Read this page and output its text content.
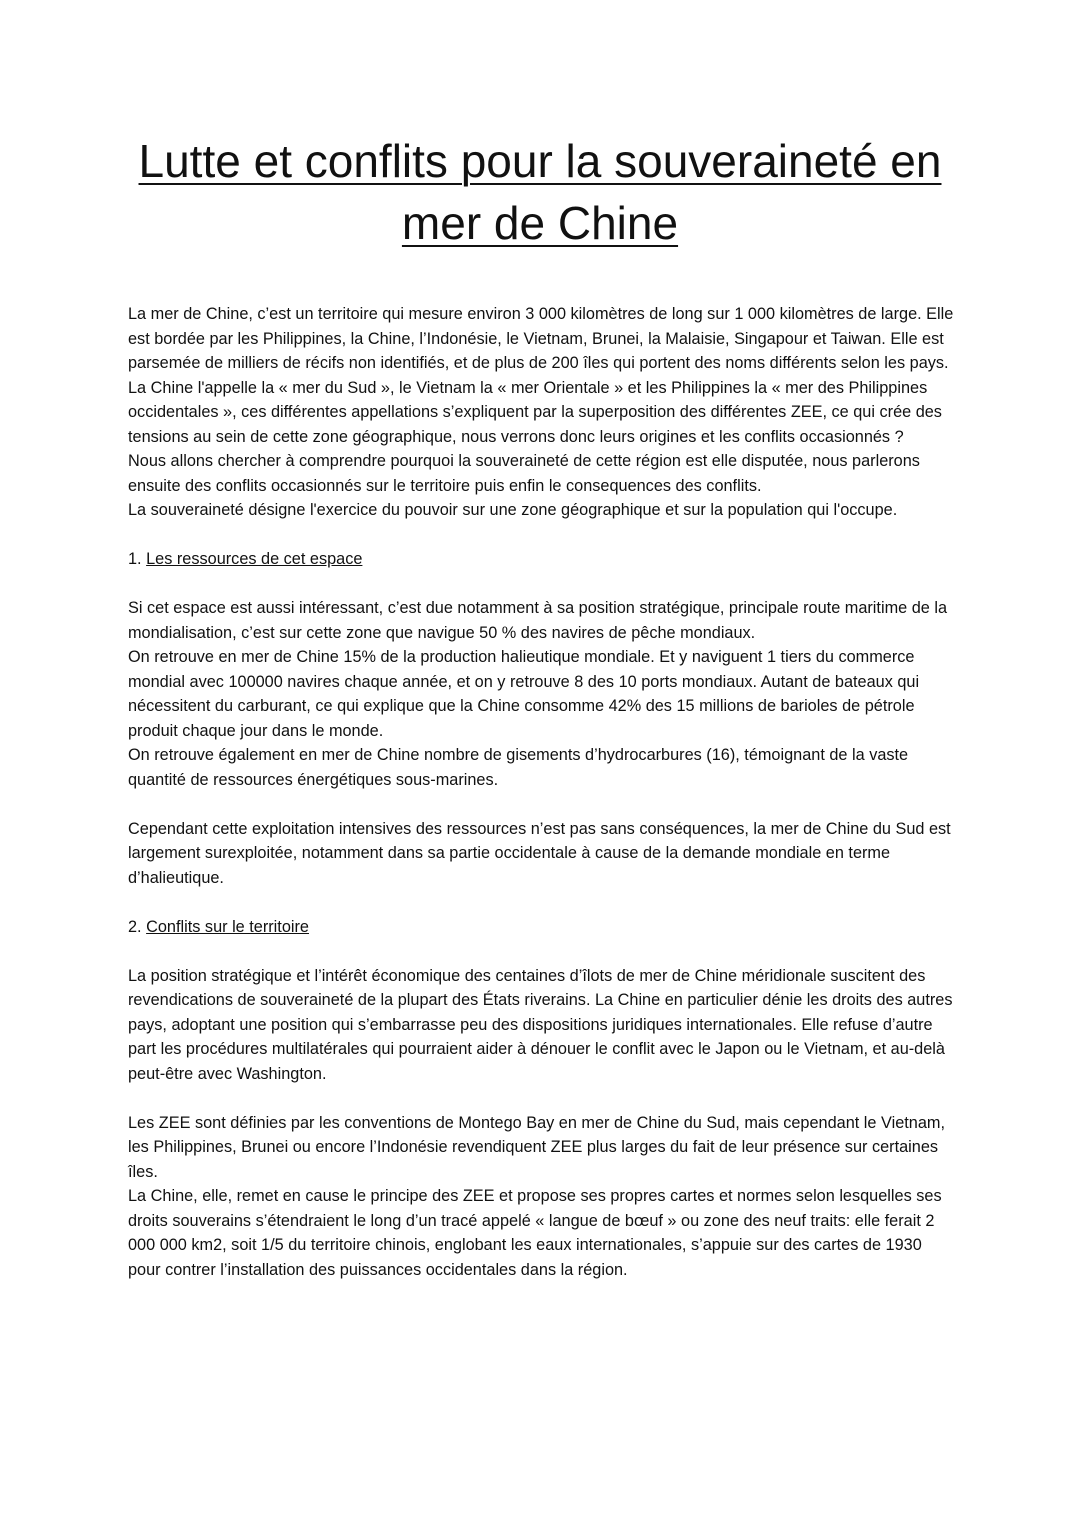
Lutte et conflits pour la souveraineté en
mer de Chine

La mer de Chine, c’est un territoire qui mesure environ 3 000 kilomètres de long sur 1 000 kilomètres de large. Elle est bordée par les Philippines, la Chine, l’Indonésie, le Vietnam, Brunei, la Malaisie, Singapour et Taiwan. Elle est parsemée de milliers de récifs non identifiés, et de plus de 200 îles qui portent des noms différents selon les pays. La Chine l'appelle la « mer du Sud », le Vietnam la « mer Orientale » et les Philippines la « mer des Philippines occidentales », ces différentes appellations s’expliquent par la superposition des différentes ZEE, ce qui crée des tensions au sein de cette zone géographique, nous verrons donc leurs origines et les conflits occasionnés ?

Nous allons chercher à comprendre pourquoi la souveraineté de cette région est elle disputée, nous parlerons ensuite des conflits occasionnés sur le territoire puis enfin le consequences des conflits.

La souveraineté désigne l'exercice du pouvoir sur une zone géographique et sur la population qui l'occupe.

1. Les ressources de cet espace

Si cet espace est aussi intéressant, c’est due notamment à sa position stratégique, principale route maritime de la mondialisation, c’est sur cette zone que navigue 50 % des navires de pêche mondiaux.

On retrouve en mer de Chine 15% de la production halieutique mondiale. Et y naviguent 1 tiers du commerce mondial avec 100000 navires chaque année, et on y retrouve 8 des 10 ports mondiaux. Autant de bateaux qui nécessitent du carburant, ce qui explique que la Chine consomme 42% des 15 millions de barioles de pétrole produit chaque jour dans le monde.

On retrouve également en mer de Chine nombre de gisements d’hydrocarbures (16), témoignant de la vaste quantité de ressources énergétiques sous-marines.

Cependant cette exploitation intensives des ressources n’est pas sans conséquences, la mer de Chine du Sud est largement surexploitée, notamment dans sa partie occidentale à cause de la demande mondiale en terme d’halieutique.

2. Conflits sur le territoire

La position stratégique et l’intérêt économique des centaines d’îlots de mer de Chine méridionale suscitent des revendications de souveraineté de la plupart des États riverains. La Chine en particulier dénie les droits des autres pays, adoptant une position qui s’embarrasse peu des dispositions juridiques internationales. Elle refuse d’autre part les procédures multilatérales qui pourraient aider à dénouer le conflit avec le Japon ou le Vietnam, et au-delà peut-être avec Washington.

Les ZEE sont définies par les conventions de Montego Bay en mer de Chine du Sud, mais cependant le Vietnam, les Philippines, Brunei ou encore l’Indonésie revendiquent ZEE plus larges du fait de leur présence sur certaines îles.

La Chine, elle, remet en cause le principe des ZEE et propose ses propres cartes et normes selon lesquelles ses droits souverains s’étendraient le long d’un tracé appelé « langue de bœuf » ou zone des neuf traits: elle ferait 2 000 000 km2, soit 1/5 du territoire chinois, englobant les eaux internationales, s’appuie sur des cartes de 1930 pour contrer l’installation des puissances occidentales dans la région.
